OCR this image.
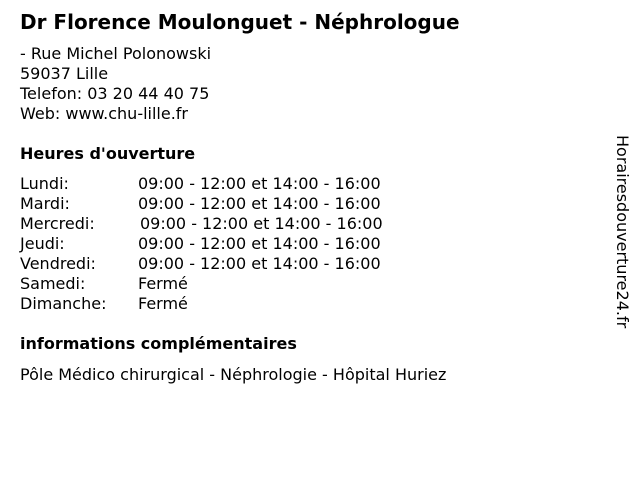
Dr Florence Moulonguet - Néphrologue
- Rue Michel Polonowski
59037 Lille
Telefon: 03 20 44 40 75
Web: www.chu-lille.fr
Heures d'ouverture
Lundi:	09:00 - 12:00 et 14:00 - 16:00
Mardi:	09:00 - 12:00 et 14:00 - 16:00
Mercredi:	09:00 - 12:00 et 14:00 - 16:00
Jeudi:	09:00 - 12:00 et 14:00 - 16:00
Vendredi:	09:00 - 12:00 et 14:00 - 16:00
Samedi:	Fermé
Dimanche:	Fermé
informations complémentaires
Pôle Médico chirurgical - Néphrologie - Hôpital Huriez
Horairesdouverture24.fr
